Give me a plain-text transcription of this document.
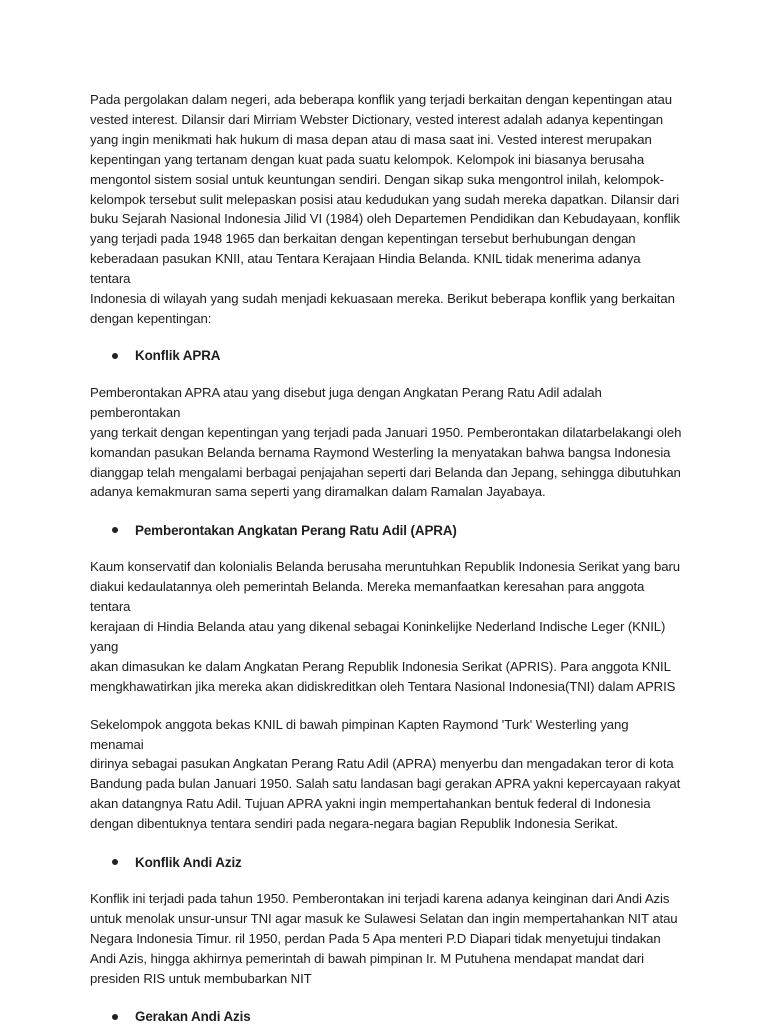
Pada pergolakan dalam negeri, ada beberapa konflik yang terjadi berkaitan dengan kepentingan atau
vested interest. Dilansir dari Mirriam Webster Dictionary, vested interest adalah adanya kepentingan
yang ingin menikmati hak hukum di masa depan atau di masa saat ini. Vested interest merupakan
kepentingan yang tertanam dengan kuat pada suatu kelompok. Kelompok ini biasanya berusaha
mengontol sistem sosial untuk keuntungan sendiri. Dengan sikap suka mengontrol inilah, kelompok-
kelompok tersebut sulit melepaskan posisi atau kedudukan yang sudah mereka dapatkan. Dilansir dari
buku Sejarah Nasional Indonesia Jilid VI (1984) oleh Departemen Pendidikan dan Kebudayaan, konflik
yang terjadi pada 1948 1965 dan berkaitan dengan kepentingan tersebut berhubungan dengan
keberadaan pasukan KNII, atau Tentara Kerajaan Hindia Belanda. KNIL tidak menerima adanya tentara
Indonesia di wilayah yang sudah menjadi kekuasaan mereka. Berikut beberapa konflik yang berkaitan
dengan kepentingan:

Konflik APRA

Pemberontakan APRA atau yang disebut juga dengan Angkatan Perang Ratu Adil adalah pemberontakan
yang terkait dengan kepentingan yang terjadi pada Januari 1950. Pemberontakan dilatarbelakangi oleh
komandan pasukan Belanda bernama Raymond Westerling Ia menyatakan bahwa bangsa Indonesia
dianggap telah mengalami berbagai penjajahan seperti dari Belanda dan Jepang, sehingga dibutuhkan
adanya kemakmuran sama seperti yang diramalkan dalam Ramalan Jayabaya.

Pemberontakan Angkatan Perang Ratu Adil (APRA)

Kaum konservatif dan kolonialis Belanda berusaha meruntuhkan Republik Indonesia Serikat yang baru
diakui kedaulatannya oleh pemerintah Belanda. Mereka memanfaatkan keresahan para anggota tentara
kerajaan di Hindia Belanda atau yang dikenal sebagai Koninkelijke Nederland Indische Leger (KNIL) yang
akan dimasukan ke dalam Angkatan Perang Republik Indonesia Serikat (APRIS). Para anggota KNIL
mengkhawatirkan jika mereka akan didiskreditkan oleh Tentara Nasional Indonesia(TNI) dalam APRIS

Sekelompok anggota bekas KNIL di bawah pimpinan Kapten Raymond 'Turk' Westerling yang menamai
dirinya sebagai pasukan Angkatan Perang Ratu Adil (APRA) menyerbu dan mengadakan teror di kota
Bandung pada bulan Januari 1950. Salah satu landasan bagi gerakan APRA yakni kepercayaan rakyat
akan datangnya Ratu Adil. Tujuan APRA yakni ingin mempertahankan bentuk federal di Indonesia
dengan dibentuknya tentara sendiri pada negara-negara bagian Republik Indonesia Serikat.

Konflik Andi Aziz

Konflik ini terjadi pada tahun 1950. Pemberontakan ini terjadi karena adanya keinginan dari Andi Azis
untuk menolak unsur-unsur TNI agar masuk ke Sulawesi Selatan dan ingin mempertahankan NIT atau
Negara Indonesia Timur. ril 1950, perdan Pada 5 Apa menteri P.D Diapari tidak menyetujui tindakan
Andi Azis, hingga akhirnya pemerintah di bawah pimpinan Ir. M Putuhena mendapat mandat dari
presiden RIS untuk membubarkan NIT

Gerakan Andi Azis
